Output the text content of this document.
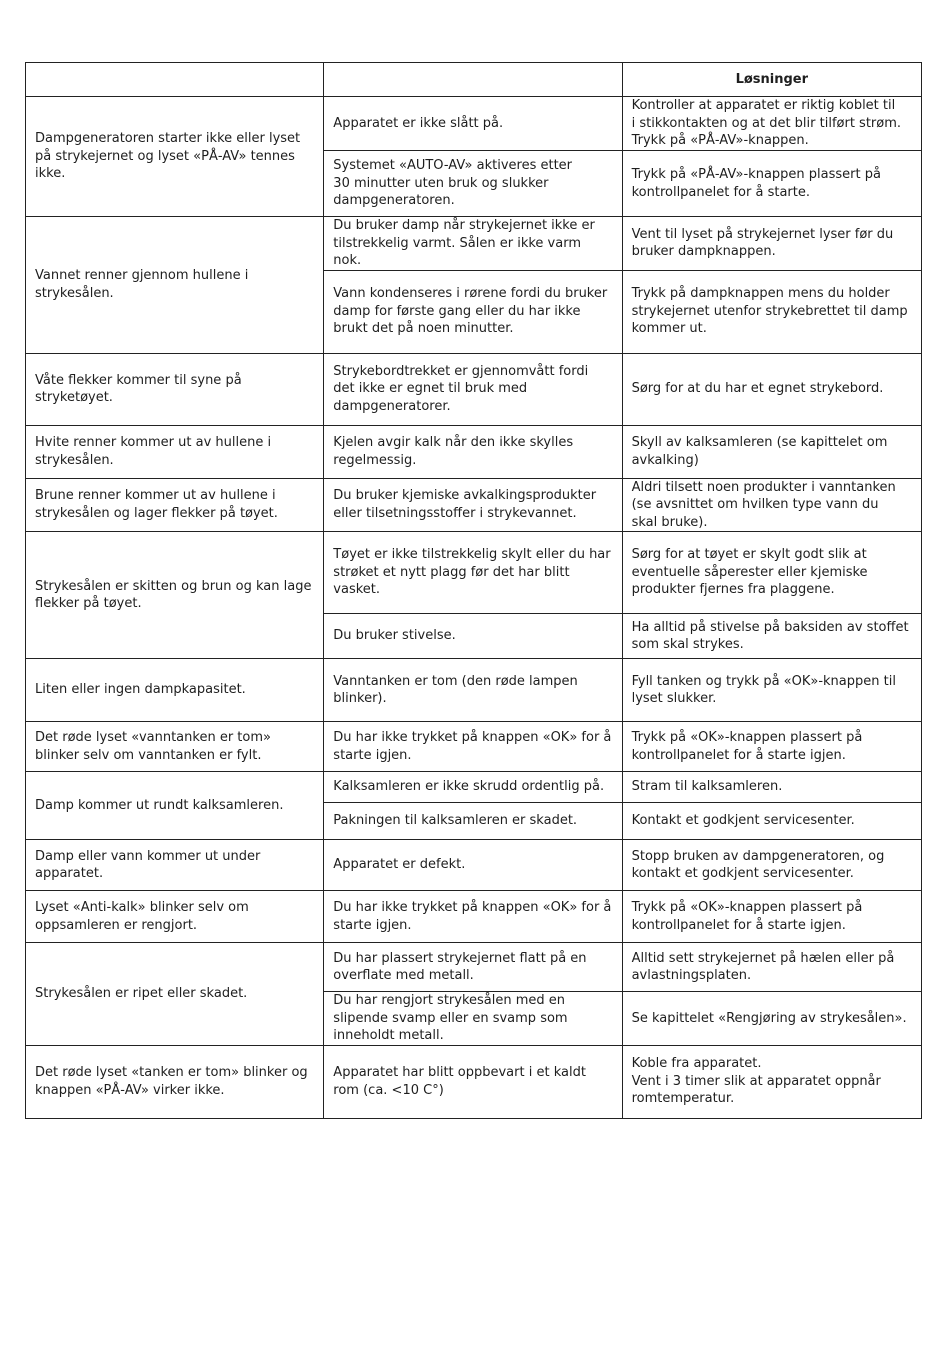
		Løsninger
Dampgeneratoren starter ikke eller lyset på strykejernet og lyset «PÅ-AV» tennes ikke.	Apparatet er ikke slått på.	Kontroller at apparatet er riktig koblet til
i stikkontakten og at det blir tilført strøm.
Trykk på «PÅ-AV»-knappen.
	Systemet «AUTO-AV» aktiveres etter
30 minutter uten bruk og slukker dampgeneratoren.	Trykk på «PÅ-AV»-knappen plassert på kontrollpanelet for å starte.
Vannet renner gjennom hullene i strykesålen.	Du bruker damp når strykejernet ikke er tilstrekkelig varmt. Sålen er ikke varm nok.	Vent til lyset på strykejernet lyser før du bruker dampknappen.
	Vann kondenseres i rørene fordi du bruker damp for første gang eller du har ikke brukt det på noen minutter.	Trykk på dampknappen mens du holder strykejernet utenfor strykebrettet til damp kommer ut.
Våte flekker kommer til syne på stryketøyet.	Strykebordtrekket er gjennomvått fordi det ikke er egnet til bruk med dampgeneratorer.	Sørg for at du har et egnet strykebord.
Hvite renner kommer ut av hullene i strykesålen.	Kjelen avgir kalk når den ikke skylles regelmessig.	Skyll av kalksamleren (se kapittelet om avkalking)
Brune renner kommer ut av hullene i strykesålen og lager flekker på tøyet.	Du bruker kjemiske avkalkingsprodukter eller tilsetningsstoffer i strykevannet.	Aldri tilsett noen produkter i vanntanken (se avsnittet om hvilken type vann du
skal bruke).
Strykesålen er skitten og brun og kan lage flekker på tøyet.	Tøyet er ikke tilstrekkelig skylt eller du har strøket et nytt plagg før det har blitt vasket.	Sørg for at tøyet er skylt godt slik at eventuelle såperester eller kjemiske produkter fjernes fra plaggene.
	Du bruker stivelse.	Ha alltid på stivelse på baksiden av stoffet som skal strykes.
Liten eller ingen dampkapasitet.	Vanntanken er tom (den røde lampen blinker).	Fyll tanken og trykk på «OK»-knappen til lyset slukker.
Det røde lyset «vanntanken er tom» blinker selv om vanntanken er fylt.	Du har ikke trykket på knappen «OK» for å starte igjen.	Trykk på «OK»-knappen plassert på kontrollpanelet for å starte igjen.
Damp kommer ut rundt kalksamleren.	Kalksamleren er ikke skrudd ordentlig på.	Stram til kalksamleren.
	Pakningen til kalksamleren er skadet.	Kontakt et godkjent servicesenter.
Damp eller vann kommer ut under apparatet.	Apparatet er defekt.	Stopp bruken av dampgeneratoren, og kontakt et godkjent servicesenter.
Lyset «Anti-kalk» blinker selv om oppsamleren er rengjort.	Du har ikke trykket på knappen «OK» for å starte igjen.	Trykk på «OK»-knappen plassert på kontrollpanelet for å starte igjen.
Strykesålen er ripet eller skadet.	Du har plassert strykejernet flatt på en overflate med metall.	Alltid sett strykejernet på hælen eller på avlastningsplaten.
	Du har rengjort strykesålen med en slipende svamp eller en svamp som inneholdt metall.	Se kapittelet «Rengjøring av strykesålen».
Det røde lyset «tanken er tom» blinker og knappen «PÅ-AV» virker ikke.	Apparatet har blitt oppbevart i et kaldt rom (ca. <10 C°)	Koble fra apparatet.
Vent i 3 timer slik at apparatet oppnår romtemperatur.
